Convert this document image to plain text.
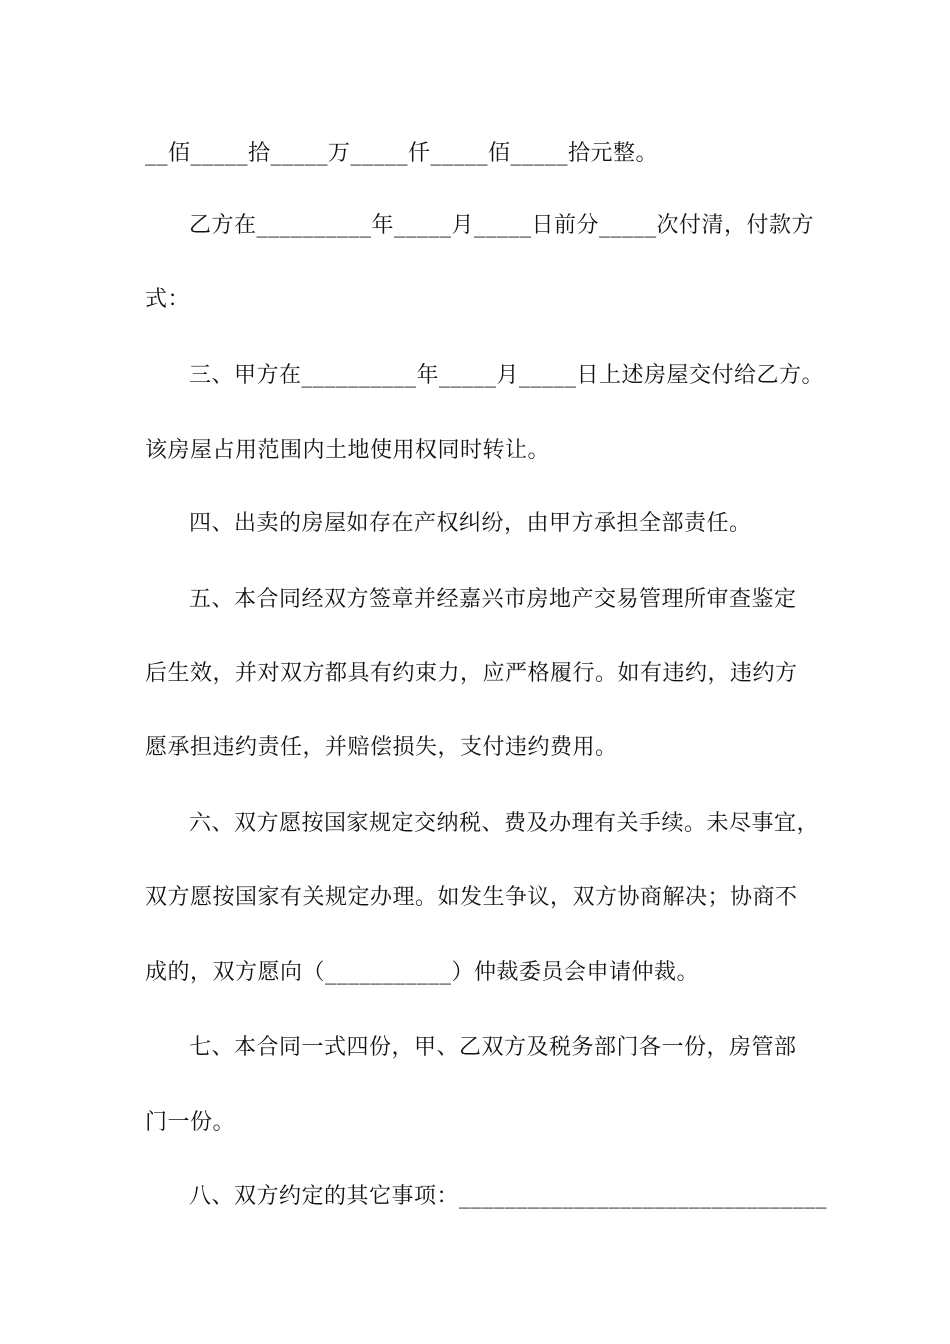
__佰_____拾_____万_____仟_____佰_____拾元整。
乙方在__________年_____月_____日前分_____次付清，付款方
式：
三、甲方在__________年_____月_____日上述房屋交付给乙方。
该房屋占用范围内土地使用权同时转让。
四、出卖的房屋如存在产权纠纷，由甲方承担全部责任。
五、本合同经双方签章并经嘉兴市房地产交易管理所审查鉴定
后生效，并对双方都具有约束力，应严格履行。如有违约，违约方
愿承担违约责任，并赔偿损失，支付违约费用。
六、双方愿按国家规定交纳税、费及办理有关手续。未尽事宜，
双方愿按国家有关规定办理。如发生争议，双方协商解决；协商不
成的，双方愿向（___________）仲裁委员会申请仲裁。
七、本合同一式四份，甲、乙双方及税务部门各一份，房管部
门一份。
八、双方约定的其它事项：________________________________
